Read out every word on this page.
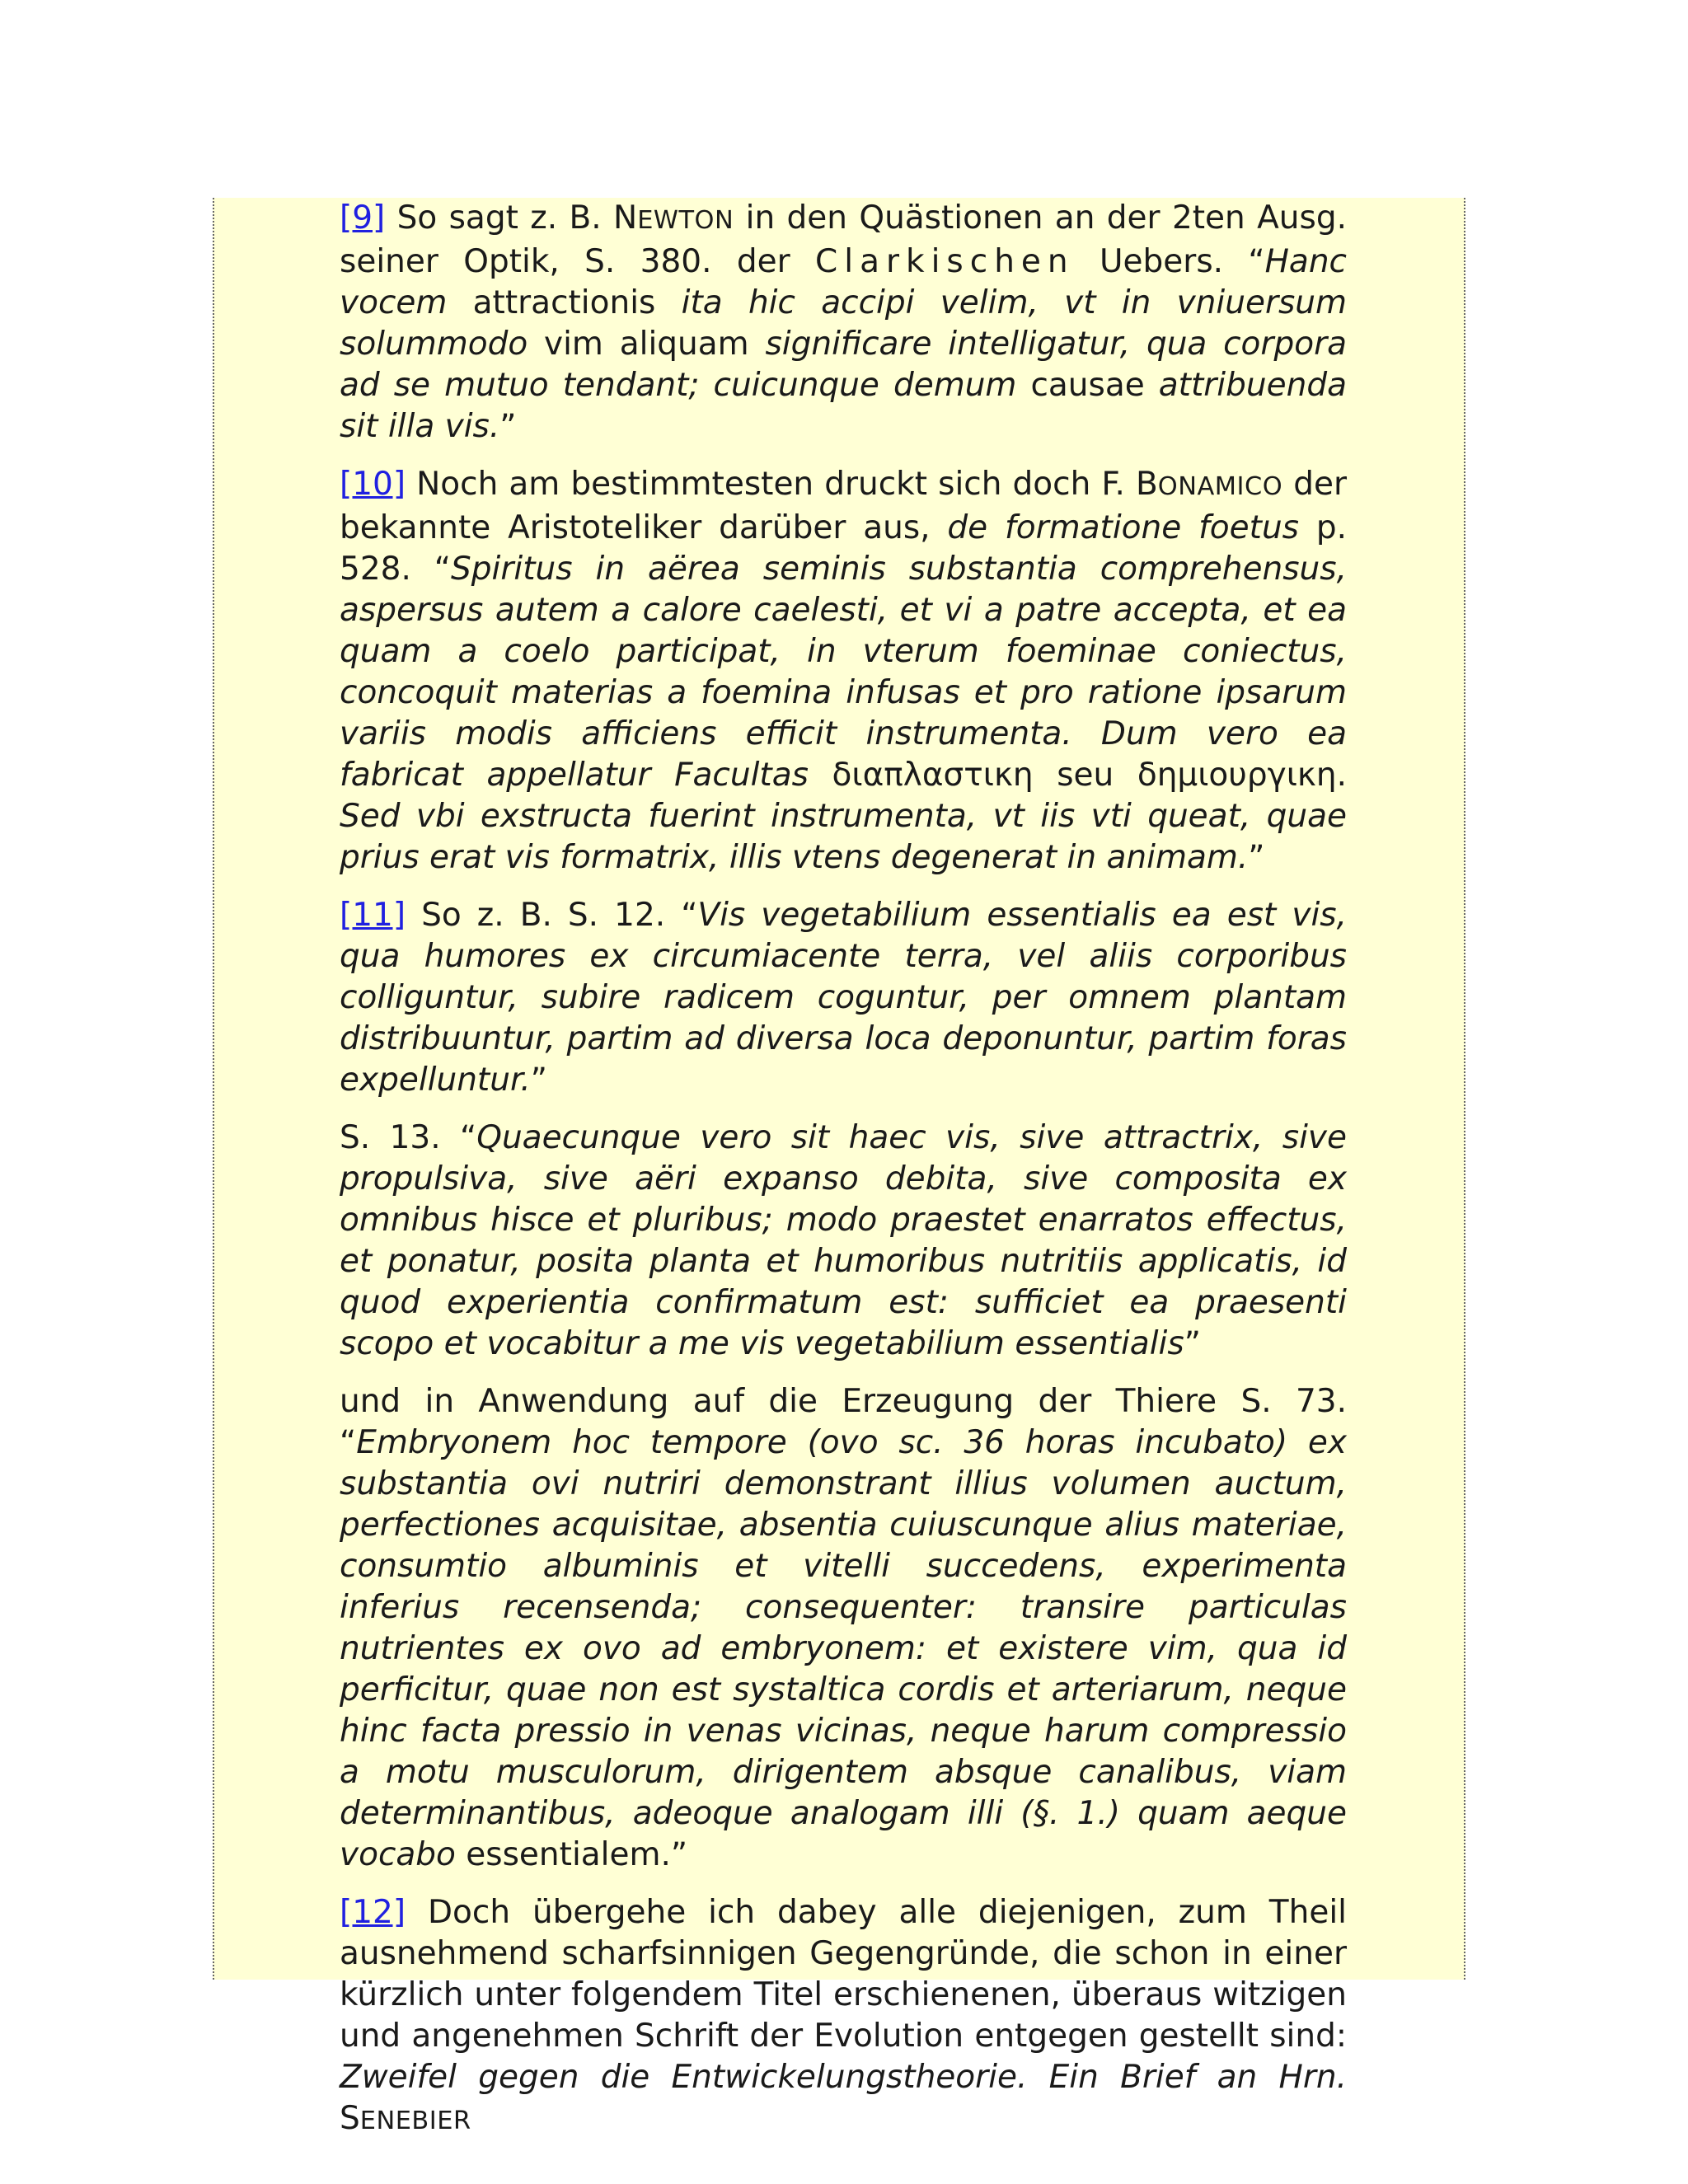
[9] So sagt z. B. NEWTON in den Quästionen an der 2ten Ausg. seiner Optik, S. 380. der Clarkischen Uebers. “Hanc vocem attractionis ita hic accipi velim, vt in vniuersum solummodo vim aliquam significare intelligatur, qua corpora ad se mutuo tendant; cuicunque demum causae attribuenda sit illa vis.”

[10] Noch am bestimmtesten druckt sich doch F. BONAMICO der bekannte Aristoteliker darüber aus, de formatione foetus p. 528. “Spiritus in aërea seminis substantia comprehensus, aspersus autem a calore caelesti, et vi a patre accepta, et ea quam a coelo participat, in vterum foeminae coniectus, concoquit materias a foemina infusas et pro ratione ipsarum variis modis afficiens efficit instrumenta. Dum vero ea fabricat appellatur Facultas διαπλαστικη seu δημιουργικη. Sed vbi exstructa fuerint instrumenta, vt iis vti queat, quae prius erat vis formatrix, illis vtens degenerat in animam.”

[11] So z. B. S. 12. “Vis vegetabilium essentialis ea est vis, qua humores ex circumiacente terra, vel aliis corporibus colliguntur, subire radicem coguntur, per omnem plantam distribuuntur, partim ad diversa loca deponuntur, partim foras expelluntur.”

S. 13. “Quaecunque vero sit haec vis, sive attractrix, sive propulsiva, sive aëri expanso debita, sive composita ex omnibus hisce et pluribus; modo praestet enarratos effectus, et ponatur, posita planta et humoribus nutritiis applicatis, id quod experientia confirmatum est: sufficiet ea praesenti scopo et vocabitur a me vis vegetabilium essentialis”

und in Anwendung auf die Erzeugung der Thiere S. 73. “Embryonem hoc tempore (ovo sc. 36 horas incubato) ex substantia ovi nutriri demonstrant illius volumen auctum, perfectiones acquisitae, absentia cuiuscunque alius materiae, consumtio albuminis et vitelli succedens, experimenta inferius recensenda; consequenter: transire particulas nutrientes ex ovo ad embryonem: et existere vim, qua id perficitur, quae non est systaltica cordis et arteriarum, neque hinc facta pressio in venas vicinas, neque harum compressio a motu musculorum, dirigentem absque canalibus, viam determinantibus, adeoque analogam illi (§. 1.) quam aeque vocabo essentialem.”

[12] Doch übergehe ich dabey alle diejenigen, zum Theil ausnehmend scharfsinnigen Gegengründe, die schon in einer kürzlich unter folgendem Titel erschienenen, überaus witzigen und angenehmen Schrift der Evolution entgegen gestellt sind: Zweifel gegen die Entwickelungstheorie. Ein Brief an Hrn. SENEBIER
